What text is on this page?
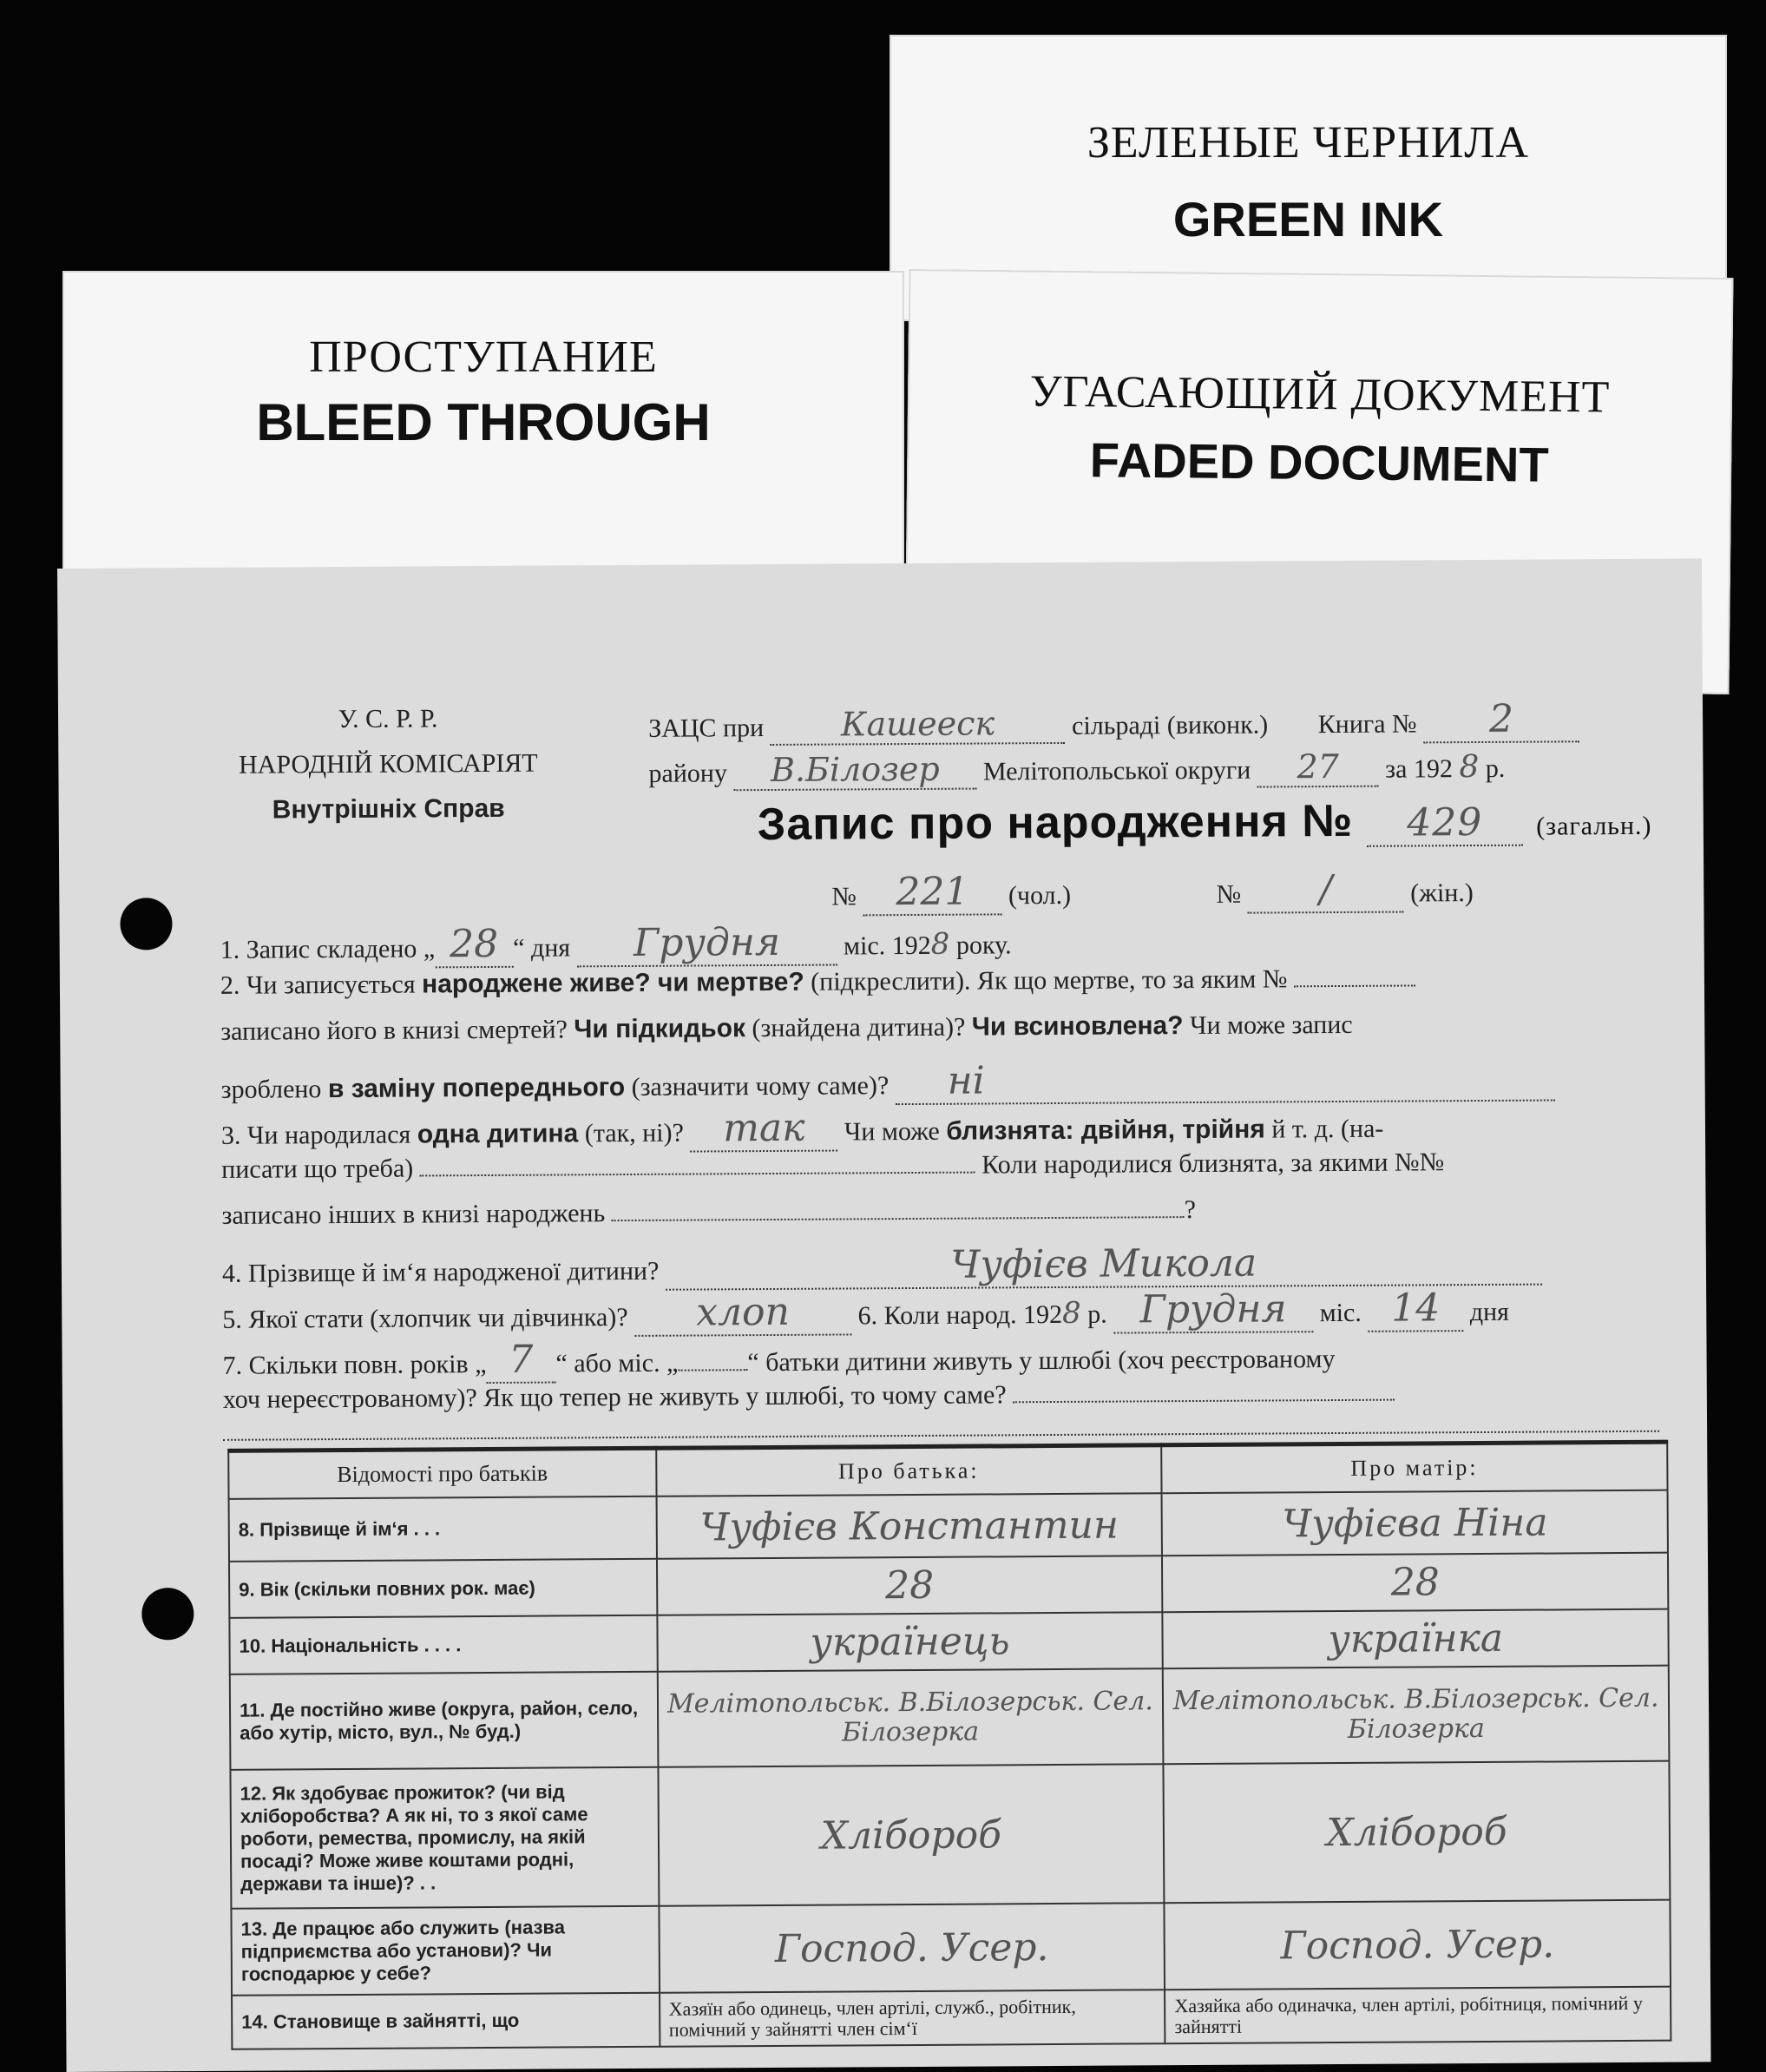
ЗЕЛЕНЫЕ ЧЕРНИЛА
GREEN INK
ПРОСТУПАНИЕ
BLEED THROUGH	УГАСАЮЩИЙ ДОКУМЕНТ
FADED DOCUMENT
У. С. Р. Р.
НАРОДНІЙ КОМІСАРІЯТ
Внутрішніх Справ
ЗАЦС при Кашееск	сільраді (виконк.) Книга № 2
району В.Білозер Мелітопольської округи 27 за 192 8 р.
Запис про народження № 429 (загальн.)
№ 221 (чол.)	№ /	(жін.)
1. Запис складено „ 28 “ дня Грудня міс. 1928 року.
2. Чи записується народжене живе? чи мертве? (підкреслити). Як що мертве, то за яким №
записано його в книзі смертей? Чи підкидьок (знайдена дитина)? Чи всиновлена? Чи може запис
зроблено в заміну попереднього (зазначити чому саме)? ні
3. Чи народилася одна дитина (так, ні)? так Чи може близнята: двійня, трійня й т. д. (на-
писати що треба)	Коли народилися близнята, за якими №№
записано інших в книзі народжень	?
4. Прізвище й ім‘я народженої дитини?	Чуфієв Микола
5. Якої стати (хлопчик чи дівчинка)? хлоп	6. Коли народ. 1928 р. Грудня міс. 14 дня
7. Скільки повн. років „ 7 “ або міс. „	“ батьки дитини живуть у шлюбі (хоч реєстрованому
хоч нереєстрованому)? Як що тепер не живуть у шлюбі, то чому саме?
Відомості про батьків	Про батька:	Про матір:
8. Прізвище й ім‘я . . .	Чуфієв Константин	Чуфієва Ніна
9. Вік (скільки повних рок. має)	28	28
10. Національність . . . .	українець	українка
11. Де постійно живе (округа, район, село, або хутір, місто, вул., № буд.)	Мелітопольськ. В.Білозерськ. Сел. Білозерка	Мелітопольськ. В.Білозерськ. Сел. Білозерка
12. Як здобуває прожиток? (чи від хліборобства? А як ні, то з якої саме роботи, ремества, промислу, на якій посаді? Може живе коштами родні, держави та інше)? . .	Хлібороб	Хлібороб
13. Де працює або служить (назва підприємства або установи)? Чи господарює у себе?	Господ. Усер.	Господ. Усер.
14. Становище в зайнятті, що	Хазяїн або одинець, член артілі, служб., робітник, помічний у зайнятті член сім‘ї	Хазяйка або одиначка, член артілі, робітниця, помічний у зайнятті
